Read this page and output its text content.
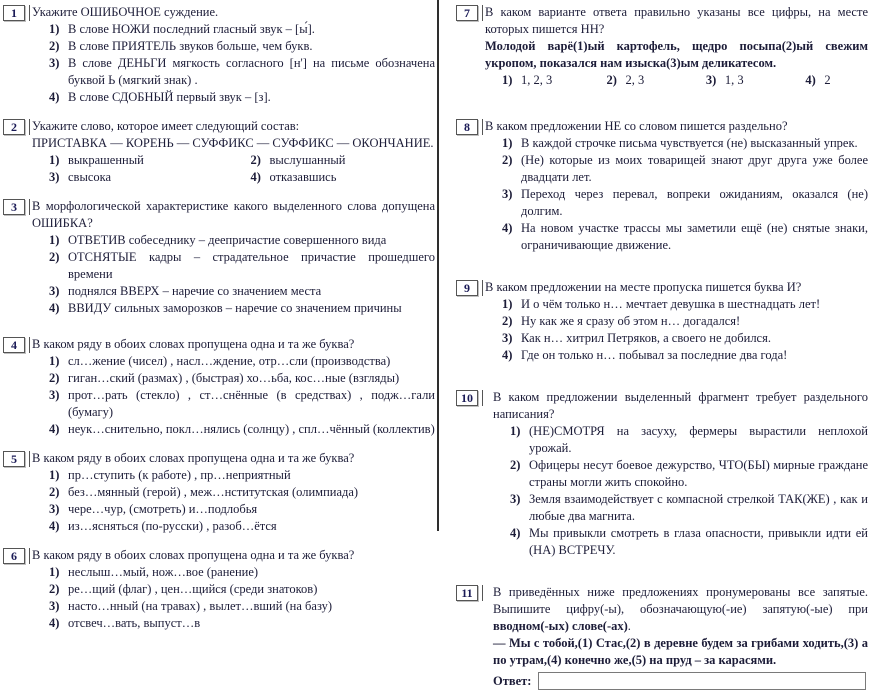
1	Укажите ОШИБОЧНОЕ суждение.

1) В слове НОЖИ последний гласный звук – [ы́].
2) В слове ПРИЯТЕЛЬ звуков больше, чем букв.
3) В слове ДЕНЬГИ мягкость согласного [н'] на письме обозначена буквой Ь (мягкий знак) .
4) В слове СДОБНЫЙ первый звук – [з].
2	Укажите слово, которое имеет следующий состав:

ПРИСТАВКА — КОРЕНЬ — СУФФИКС — СУФФИКС — ОКОНЧАНИЕ.

1) выкрашенный	2) выслушанный
3) свысока	4) отказавшись
3	В морфологической характеристике какого выделенного слова допущена ОШИБКА?

1) ОТВЕТИВ собеседнику – деепричастие совершенного вида
2) ОТСНЯТЫЕ кадры – страдательное причастие прошедшего времени
3) поднялся ВВЕРХ – наречие со значением места
4) ВВИДУ сильных заморозков – наречие со значением причины
4	В каком ряду в обоих словах пропущена одна и та же буква?

1) сл…жение (чисел) , насл…ждение, отр…сли (производства)
2) гиган…ский (размах) , (быстрая) хо…ьба, кос…ные (взгляды)
3) прот…рать (стекло) , ст…снённые (в средствах) , подж…гали (бумагу)
4) неук…снительно, покл…нялись (солнцу) , спл…чённый (коллектив)
5	В каком ряду в обоих словах пропущена одна и та же буква?

1) пр…ступить (к работе) , пр…неприятный
2) без…мянный (герой) , меж…нститутская (олимпиада)
3) чере…чур, (смотреть) и…подлобья
4) из…ясняться (по-русски) , разоб…ётся
6	В каком ряду в обоих словах пропущена одна и та же буква?

1) неслыш…мый, нож…вое (ранение)
2) ре…щий (флаг) , цен…щийся (среди знатоков)
3) насто…нный (на травах) , вылет…вший (на базу)
4) отсвеч…вать, выпуст…в
7	В каком варианте ответа правильно указаны все цифры, на месте которых пишется НН?

Молодой варё(1)ый картофель, щедро посыпа(2)ый свежим укропом, показался нам изыска(3)ым деликатесом.

1) 1, 2, 3	2) 2, 3	3) 1, 3	4) 2
8	В каком предложении НЕ со словом пишется раздельно?

1) В каждой строчке письма чувствуется (не) высказанный упрек.
2) (Не) которые из моих товарищей знают друг друга уже более двадцати лет.
3) Переход через перевал, вопреки ожиданиям, оказался (не) долгим.
4) На новом участке трассы мы заметили ещё (не) снятые знаки, ограничивающие движение.
9	В каком предложении на месте пропуска пишется буква И?

1) И о чём только н… мечтает девушка в шестнадцать лет!
2) Ну как же я сразу об этом н… догадался!
3) Как н… хитрил Петряков, а своего не добился.
4) Где он только н… побывал за последние два года!
10	В каком предложении выделенный фрагмент требует раздельного написания?

1) (НЕ)СМОТРЯ на засуху, фермеры вырастили неплохой урожай.
2) Офицеры несут боевое дежурство, ЧТО(БЫ) мирные граждане страны могли жить спокойно.
3) Земля взаимодействует с компасной стрелкой ТАК(ЖЕ) , как и любые два магнита.
4) Мы привыкли смотреть в глаза опасности, привыкли идти ей (НА) ВСТРЕЧУ.
11	В приведённых ниже предложениях пронумерованы все запятые. Выпишите цифру(-ы), обозначающую(-ие) запятую(-ые) при вводном(-ых) слове(-ах).

— Мы с тобой,(1) Стас,(2) в деревне будем за грибами ходить,(3) а по утрам,(4) конечно же,(5) на пруд – за карасями.

Ответ:
